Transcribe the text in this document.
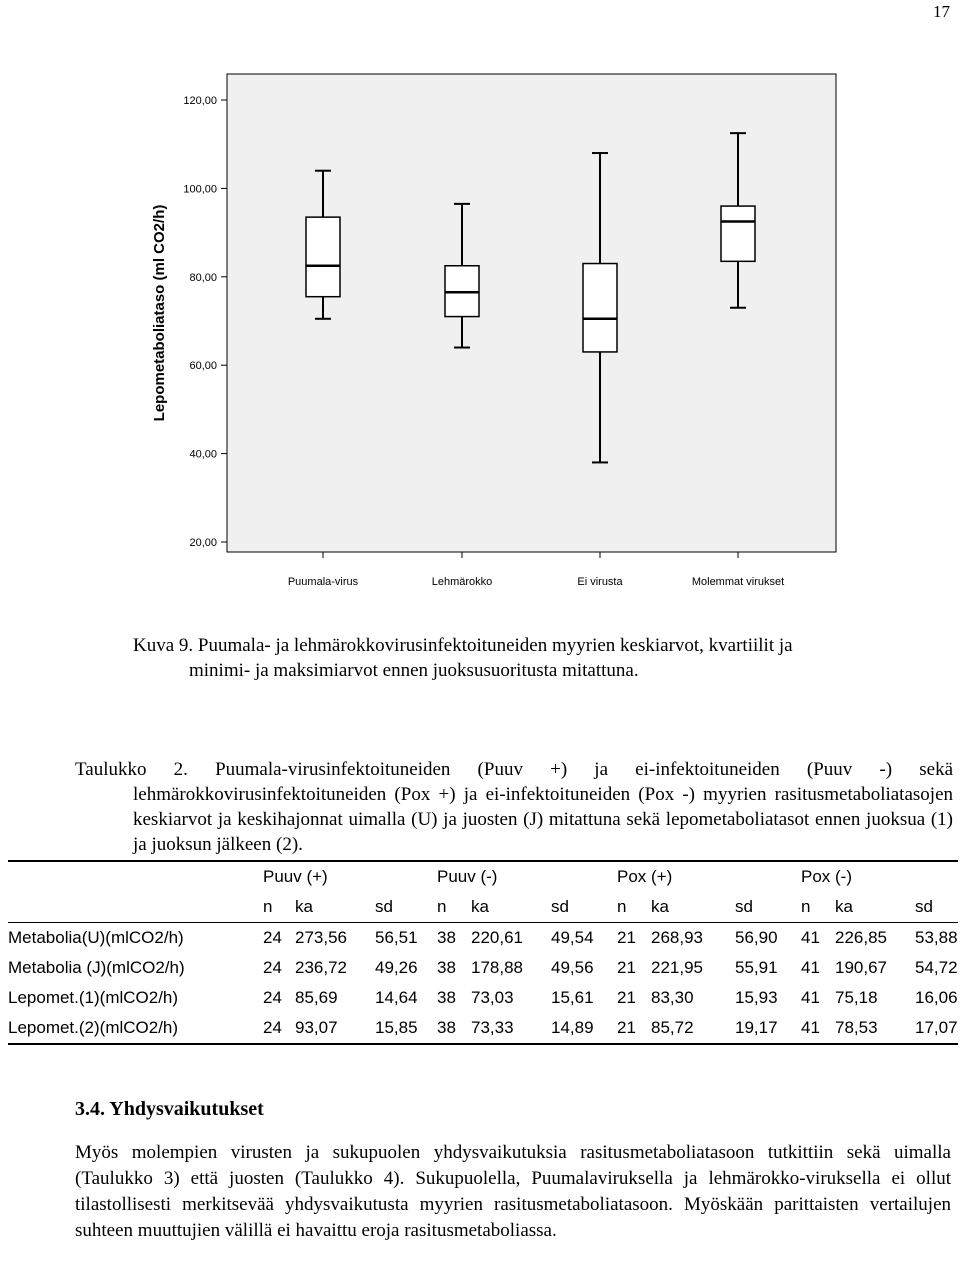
17
Lepometaboliataso (ml CO2/h)
20,00
40,00
60,00
80,00
100,00
120,00
Puumala-virus	Lehmärokko	Ei virusta	Molemmat virukset
Kuva 9. Puumala- ja lehmärokkovirusinfektoituneiden myyrien keskiarvot, kvartiilit ja
minimi- ja maksimiarvot ennen juoksusuoritusta mitattuna.
Taulukko 2. Puumala-virusinfektoituneiden (Puuv +) ja ei-infektoituneiden (Puuv -) sekä lehmärokkovirusinfektoituneiden (Pox +) ja ei-infektoituneiden (Pox -) myyrien rasitusmetaboliatasojen keskiarvot ja keskihajonnat uimalla (U) ja juosten (J) mitattuna sekä lepometaboliatasot ennen juoksua (1) ja juoksun jälkeen (2).
	Puuv (+)			Puuv (-)			Pox (+)			Pox (-)		
	n	ka	sd	n	ka	sd	n	ka	sd	n	ka	sd
Metabolia(U)(mlCO2/h)	24	273,56	56,51	38	220,61	49,54	21	268,93	56,90	41	226,85	53,88
Metabolia (J)(mlCO2/h)	24	236,72	49,26	38	178,88	49,56	21	221,95	55,91	41	190,67	54,72
Lepomet.(1)(mlCO2/h)	24	85,69	14,64	38	73,03	15,61	21	83,30	15,93	41	75,18	16,06
Lepomet.(2)(mlCO2/h)	24	93,07	15,85	38	73,33	14,89	21	85,72	19,17	41	78,53	17,07
3.4. Yhdysvaikutukset
Myös molempien virusten ja sukupuolen yhdysvaikutuksia rasitusmetaboliatasoon tutkittiin sekä uimalla (Taulukko 3) että juosten (Taulukko 4). Sukupuolella, Puumalaviruksella ja lehmärokko-viruksella ei ollut tilastollisesti merkitsevää yhdysvaikutusta myyrien rasitusmetaboliatasoon. Myöskään parittaisten vertailujen suhteen muuttujien välillä ei havaittu eroja rasitusmetaboliassa.
